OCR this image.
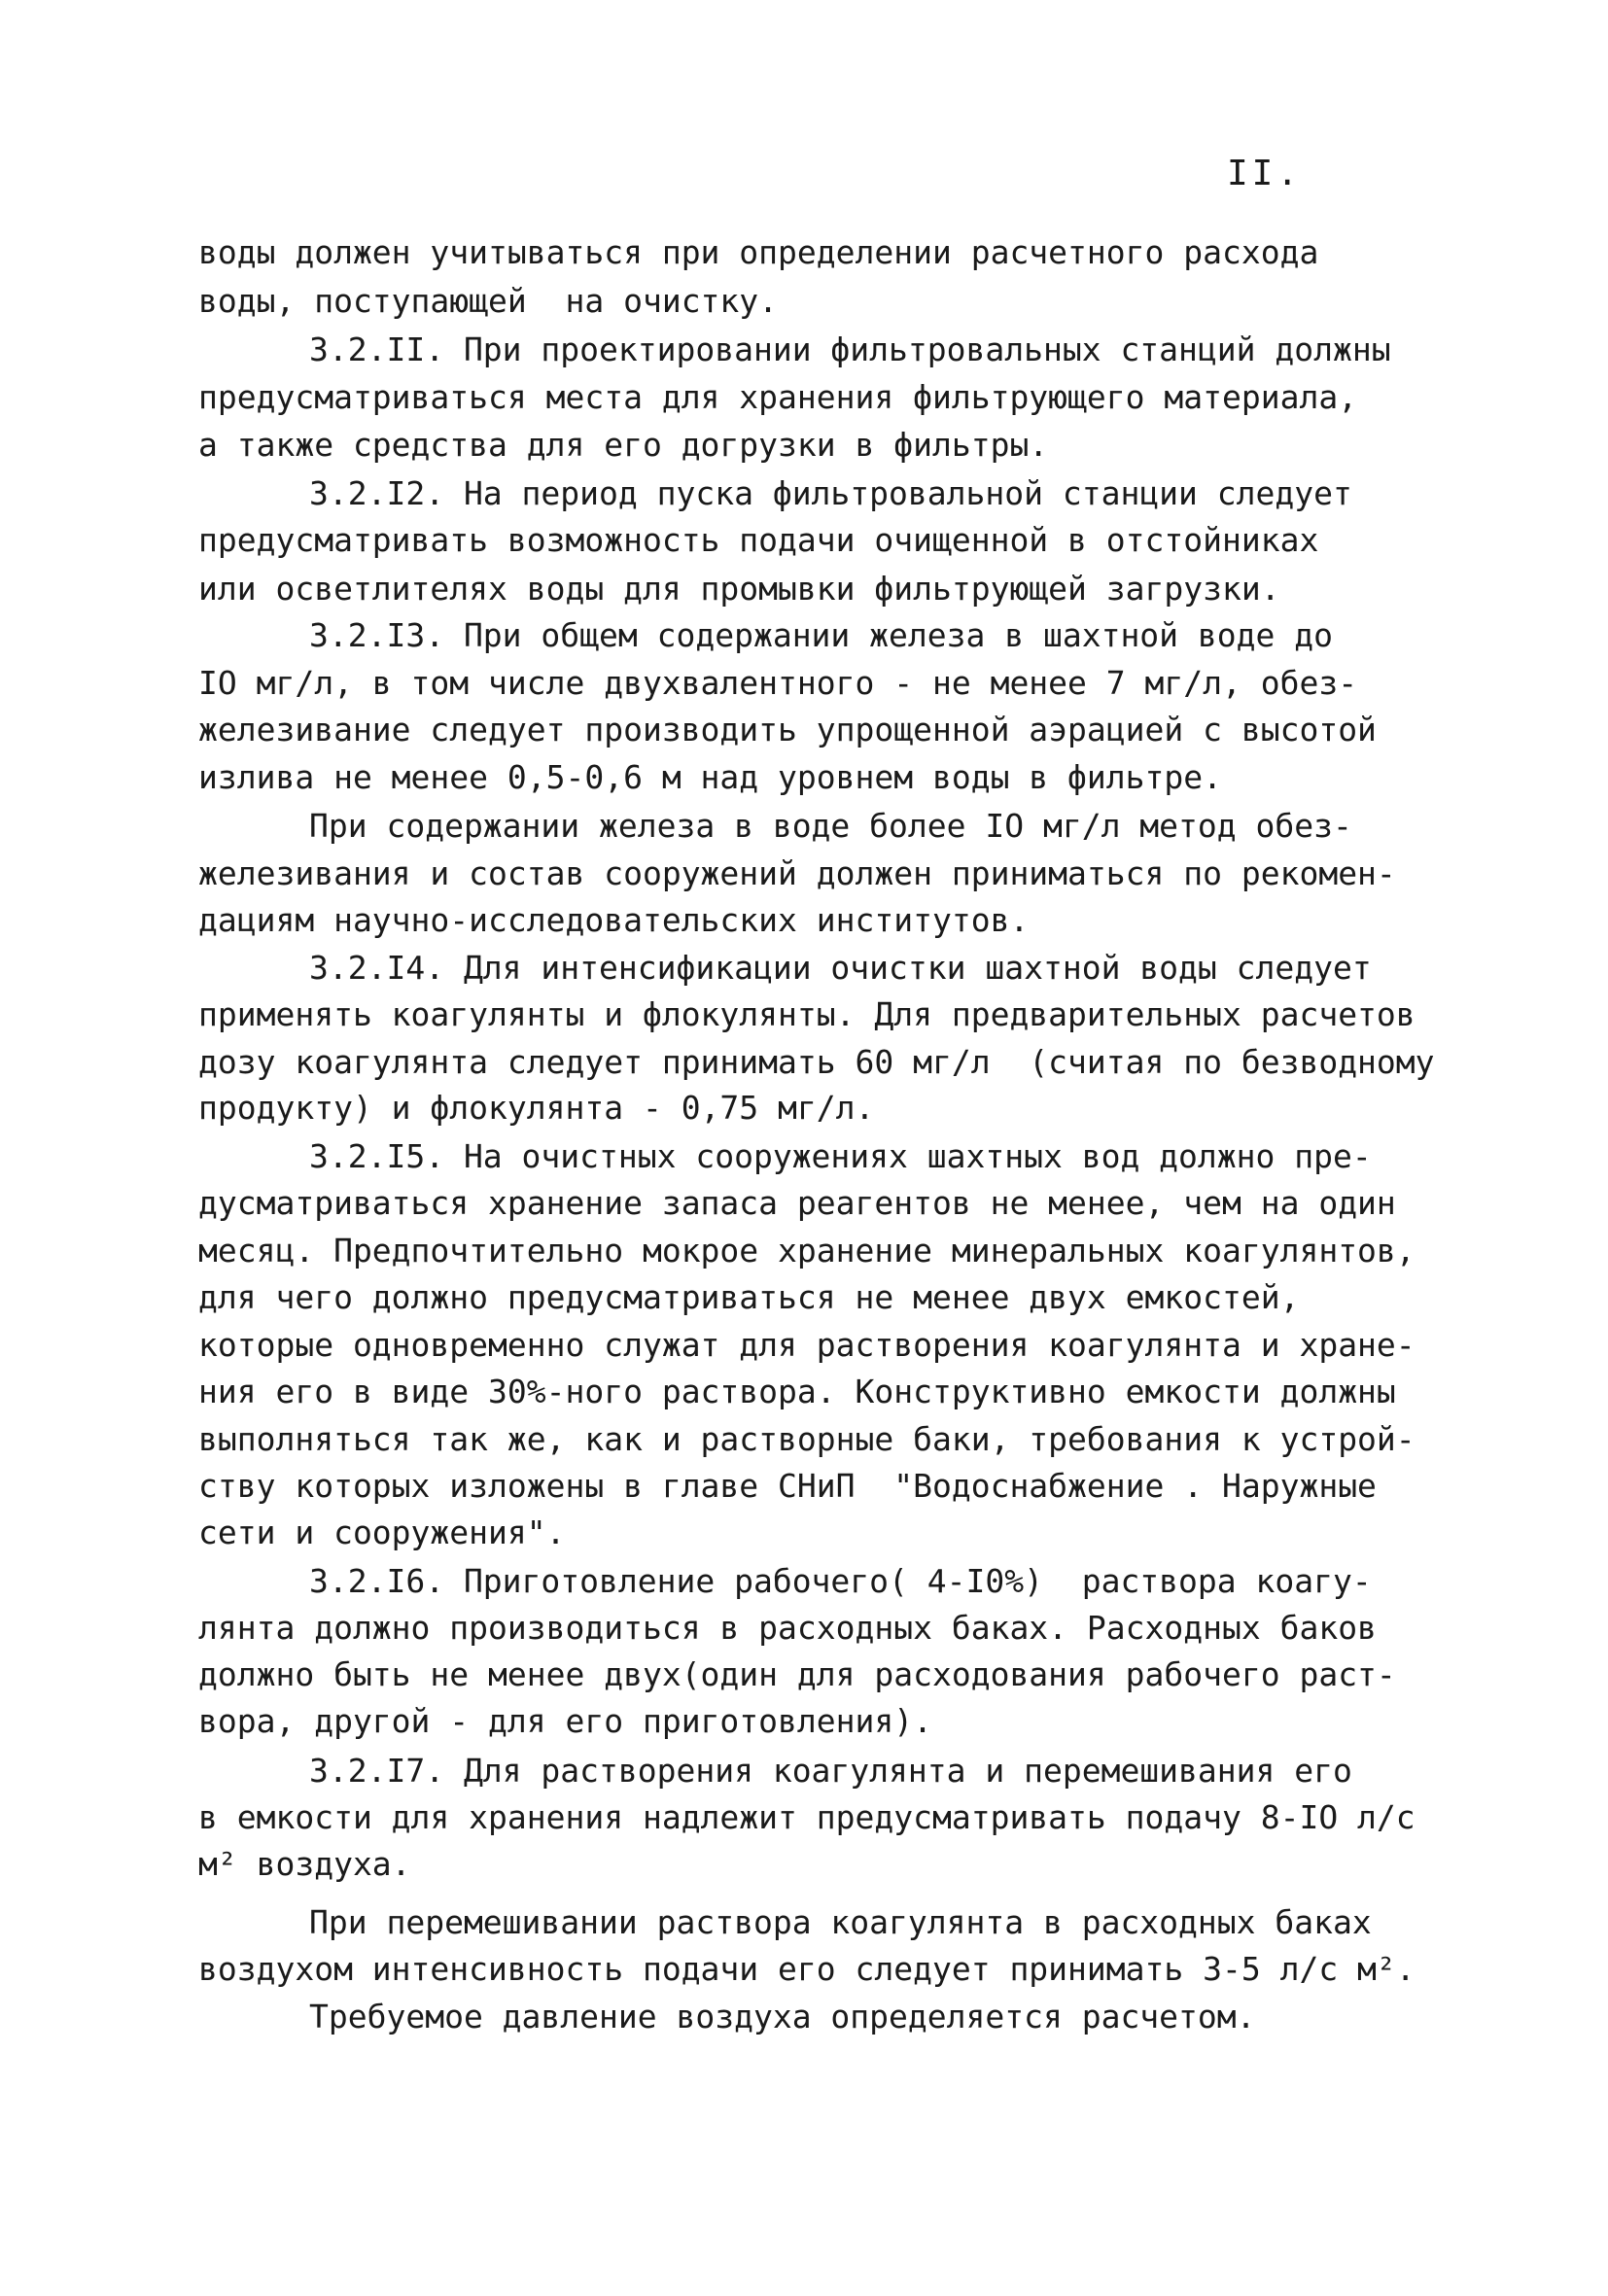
II.
воды должен учитываться при определении расчетного расхода
воды, поступающей  на очистку.
3.2.II. При проектировании фильтровальных станций должны
предусматриваться места для хранения фильтрующего материала,
а также средства для его догрузки в фильтры.
3.2.I2. На период пуска фильтровальной станции следует
предусматривать возможность подачи очищенной в отстойниках
или осветлителях воды для промывки фильтрующей загрузки.
3.2.I3. При общем содержании железа в шахтной воде до
IO мг/л, в том числе двухвалентного - не менее 7 мг/л, обез-
железивание следует производить упрощенной аэрацией с высотой
излива не менее 0,5-0,6 м над уровнем воды в фильтре.
При содержании железа в воде более IO мг/л метод обез-
железивания и состав сооружений должен приниматься по рекомен-
дациям научно-исследовательских институтов.
3.2.I4. Для интенсификации очистки шахтной воды следует
применять коагулянты и флокулянты. Для предварительных расчетов
дозу коагулянта следует принимать 60 мг/л  (считая по безводному
продукту) и флокулянта - 0,75 мг/л.
3.2.I5. На очистных сооружениях шахтных вод должно пре-
дусматриваться хранение запаса реагентов не менее, чем на один
месяц. Предпочтительно мокрое хранение минеральных коагулянтов,
для чего должно предусматриваться не менее двух емкостей,
которые одновременно служат для растворения коагулянта и хране-
ния его в виде 30%-ного раствора. Конструктивно емкости должны
выполняться так же, как и растворные баки, требования к устрой-
ству которых изложены в главе СНиП  "Водоснабжение . Наружные
сети и сооружения".
3.2.I6. Приготовление рабочего( 4-I0%)  раствора коагу-
лянта должно производиться в расходных баках. Расходных баков
должно быть не менее двух(один для расходования рабочего раст-
вора, другой - для его приготовления).
3.2.I7. Для растворения коагулянта и перемешивания его
в емкости для хранения надлежит предусматривать подачу 8-IO л/с
м² воздуха.
При перемешивании раствора коагулянта в расходных баках
воздухом интенсивность подачи его следует принимать 3-5 л/с м².
Требуемое давление воздуха определяется расчетом.
